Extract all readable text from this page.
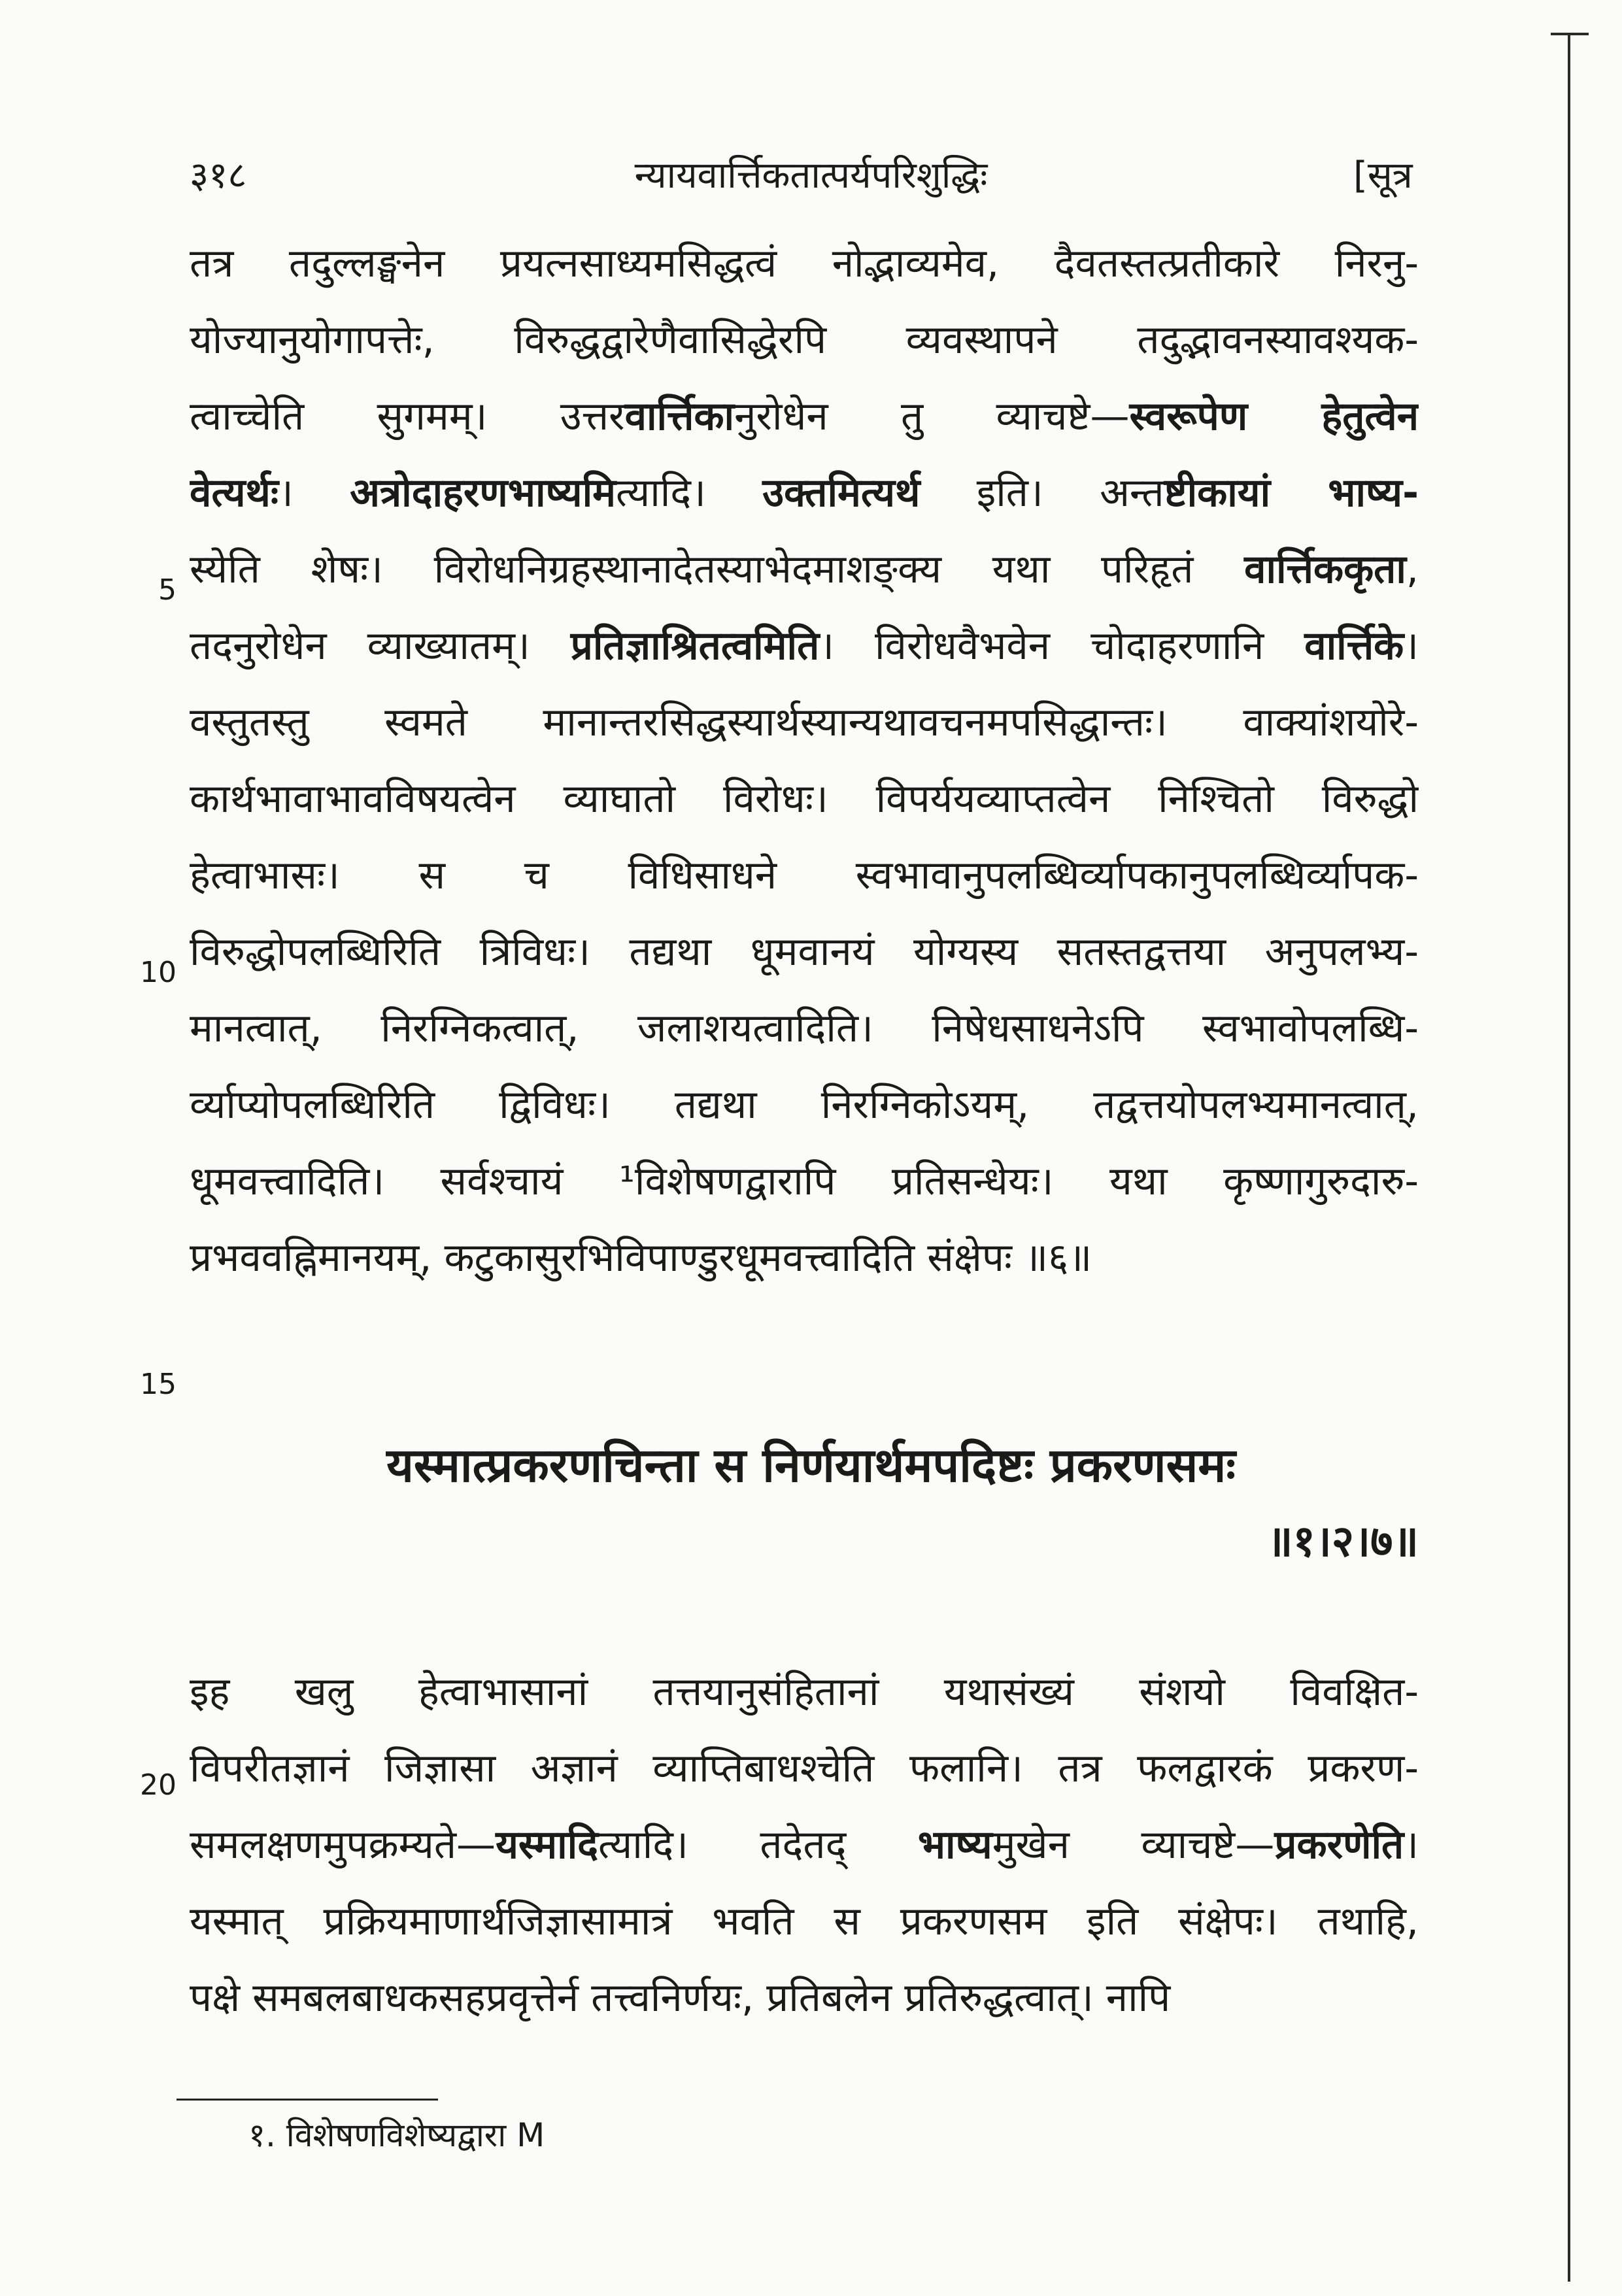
३१८	न्यायवार्त्तिकतात्पर्यपरिशुद्धिः	[सूत्र
तत्र तदुल्लङ्घनेन प्रयत्नसाध्यमसिद्धत्वं नोद्भाव्यमेव, दैवतस्तत्प्रतीकारे निरनु-
योज्यानुयोगापत्तेः, विरुद्धद्वारेणैवासिद्धेरपि व्यवस्थापने तदुद्भावनस्यावश्यक-
त्वाच्चेति सुगमम्। उत्तरवार्त्तिकानुरोधेन तु व्याचष्टे—स्वरूपेण हेतुत्वेन
वेत्यर्थः। अत्रोदाहरणभाष्यमित्यादि। उक्तमित्यर्थ इति। अन्तष्टीकायां भाष्य-
स्येति शेषः। विरोधनिग्रहस्थानादेतस्याभेदमाशङ्क्य यथा परिहृतं वार्त्तिककृता,
तदनुरोधेन व्याख्यातम्। प्रतिज्ञाश्रितत्वमिति। विरोधवैभवेन चोदाहरणानि वार्त्तिके।
वस्तुतस्तु स्वमते मानान्तरसिद्धस्यार्थस्यान्यथावचनमपसिद्धान्तः। वाक्यांशयोरे-
कार्थभावाभावविषयत्वेन व्याघातो विरोधः। विपर्ययव्याप्तत्वेन निश्चितो विरुद्धो
हेत्वाभासः। स च विधिसाधने स्वभावानुपलब्धिर्व्यापकानुपलब्धिर्व्यापक-
विरुद्धोपलब्धिरिति त्रिविधः। तद्यथा धूमवानयं योग्यस्य सतस्तद्वत्तया अनुपलभ्य-
मानत्वात्, निरग्निकत्वात्, जलाशयत्वादिति। निषेधसाधनेऽपि स्वभावोपलब्धि-
र्व्याप्योपलब्धिरिति द्विविधः। तद्यथा निरग्निकोऽयम्, तद्वत्तयोपलभ्यमानत्वात्,
धूमवत्त्वादिति। सर्वश्चायं ¹विशेषणद्वारापि प्रतिसन्धेयः। यथा कृष्णागुरुदारु-
प्रभववह्निमानयम्, कटुकासुरभिविपाण्डुरधूमवत्त्वादिति संक्षेपः ॥६॥
5
10
15
20
यस्मात्प्रकरणचिन्ता स निर्णयार्थमपदिष्टः प्रकरणसमः
॥१।२।७॥
इह खलु हेत्वाभासानां तत्तयानुसंहितानां यथासंख्यं संशयो विवक्षित-
विपरीतज्ञानं जिज्ञासा अज्ञानं व्याप्तिबाधश्चेति फलानि। तत्र फलद्वारकं प्रकरण-
समलक्षणमुपक्रम्यते—यस्मादित्यादि। तदेतद् भाष्यमुखेन व्याचष्टे—प्रकरणेति।
यस्मात् प्रक्रियमाणार्थजिज्ञासामात्रं भवति स प्रकरणसम इति संक्षेपः। तथाहि,
पक्षे समबलबाधकसहप्रवृत्तेर्न तत्त्वनिर्णयः, प्रतिबलेन प्रतिरुद्धत्वात्। नापि
१. विशेषणविशेष्यद्वारा M
